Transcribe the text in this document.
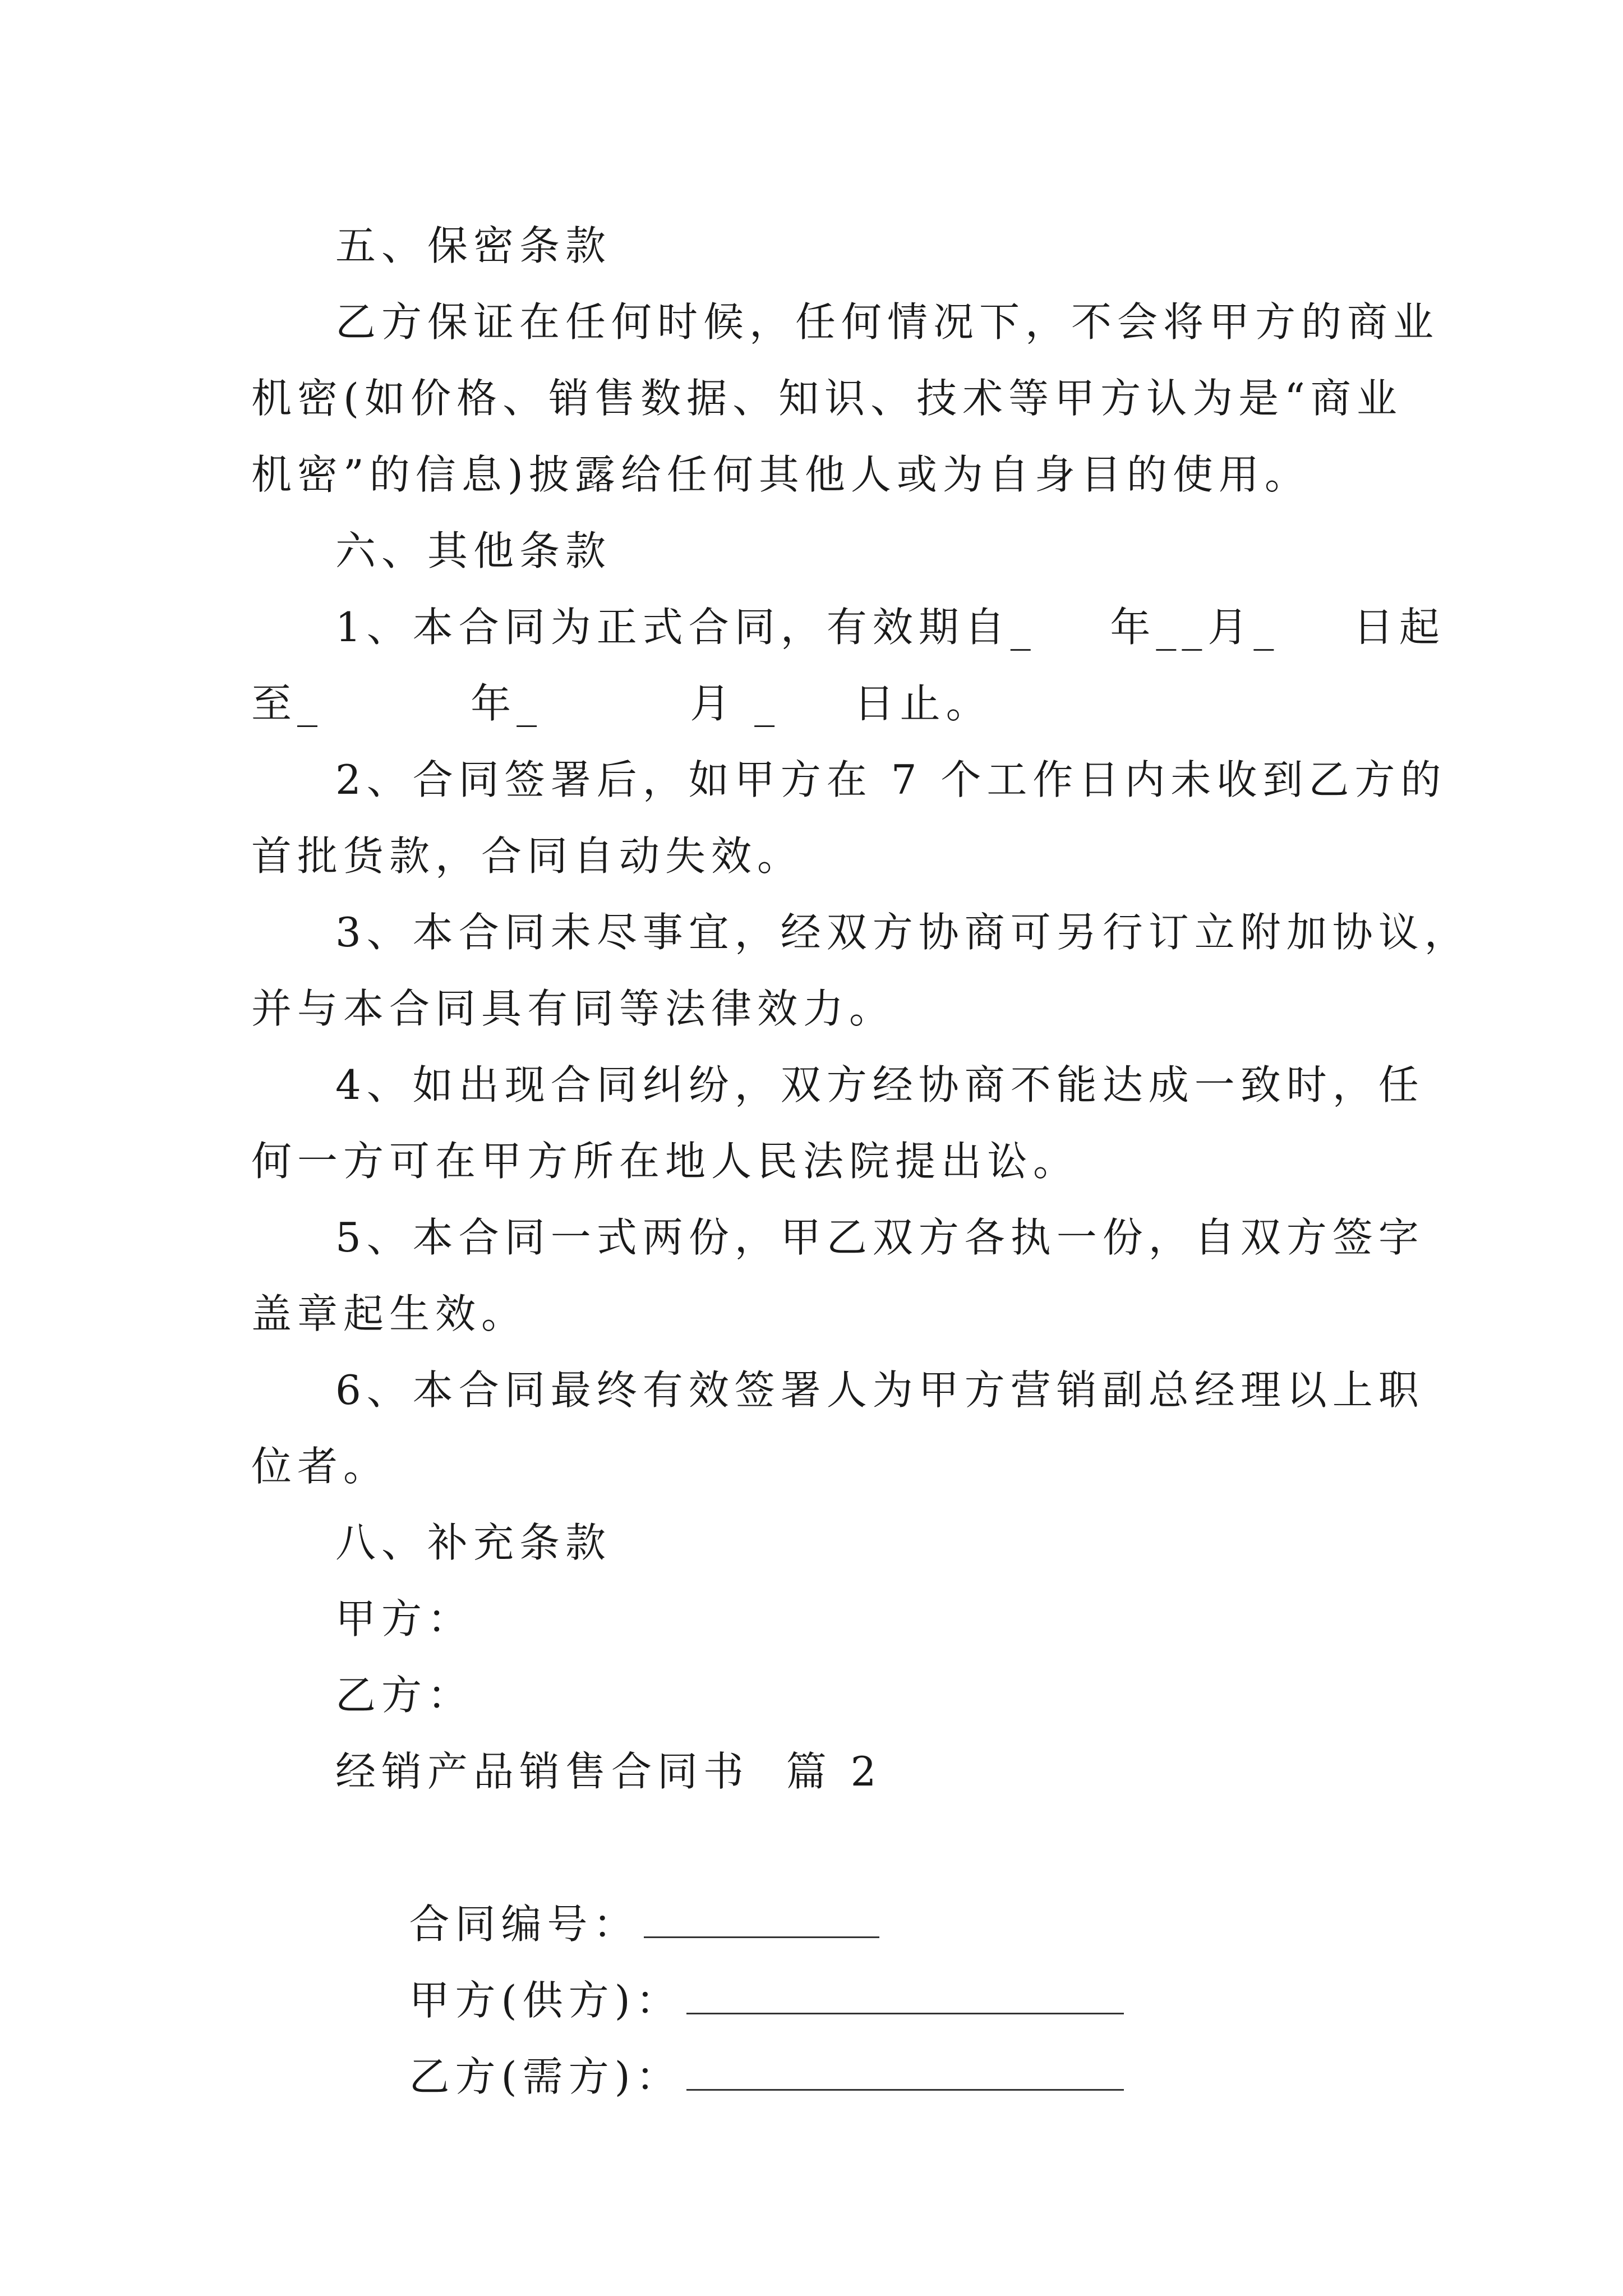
五、保密条款
乙方保证在任何时候，任何情况下，不会将甲方的商业
机密(如价格、销售数据、知识、技术等甲方认为是“商业
机密”的信息)披露给任何其他人或为自身目的使用。
六、其他条款
1、本合同为正式合同，有效期自_    年__月_    日起
至_        年_        月 _    日止。
2、合同签署后，如甲方在 7 个工作日内未收到乙方的
首批货款，合同自动失效。
3、本合同未尽事宜，经双方协商可另行订立附加协议，
并与本合同具有同等法律效力。
4、如出现合同纠纷，双方经协商不能达成一致时，任
何一方可在甲方所在地人民法院提出讼。
5、本合同一式两份，甲乙双方各执一份，自双方签字
盖章起生效。
6、本合同最终有效签署人为甲方营销副总经理以上职
位者。
八、补充条款
甲方：
乙方：
经销产品销售合同书  篇 2

合同编号：

甲方(供方)：

乙方(需方)：
